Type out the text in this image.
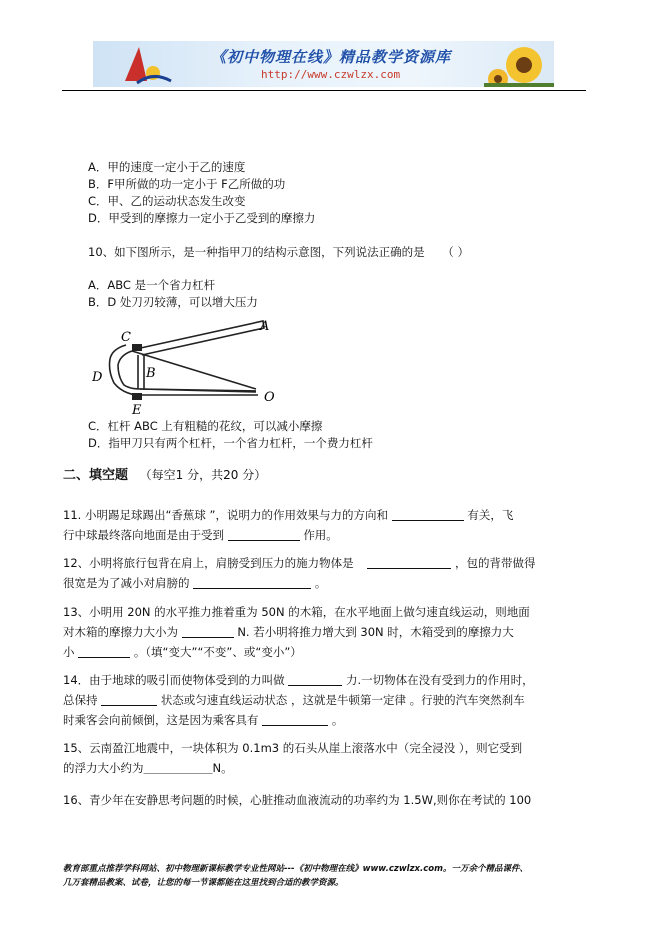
《初中物理在线》精品教学资源库
http://www.czwlzx.com
A．甲的速度一定小于乙的速度
B．F甲所做的功一定小于 F乙所做的功
C．甲、乙的运动状态发生改变
D．甲受到的摩擦力一定小于乙受到的摩擦力
10、如下图所示，是一种指甲刀的结构示意图，下列说法正确的是 （ ）
A．ABC 是一个省力杠杆
B．D 处刀刃较薄，可以增大压力
C
A
B
D
E
O
C．杠杆 ABC 上有粗糙的花纹，可以减小摩擦
D．指甲刀只有两个杠杆，一个省力杠杆，一个费力杠杆
二、填空题 （每空1 分，共20 分）
11. 小明踢足球踢出“香蕉球 ”，说明力的作用效果与力的方向和	有关，飞
行中球最终落向地面是由于受到	作用。
12、小明将旅行包背在肩上，肩膀受到压力的施力物体是	，包的背带做得
很宽是为了减小对肩膀的	。
13、小明用 20N 的水平推力推着重为 50N 的木箱，在水平地面上做匀速直线运动，则地面
对木箱的摩擦力大小为	N. 若小明将推力增大到 30N 时，木箱受到的摩擦力大
小	。（填“变大”“不变”、或“变小”）
14．由于地球的吸引而使物体受到的力叫做	力.一切物体在没有受到力的作用时，
总保持	状态或匀速直线运动状态 ，这就是牛顿第一定律 。行驶的汽车突然刹车
时乘客会向前倾倒，这是因为乘客具有	。
15、云南盈江地震中，一块体积为 0.1m3 的石头从崖上滚落水中（完全浸没 ），则它受到
的浮力大小约为＿＿＿＿＿＿N。
16、青少年在安静思考问题的时候，心脏推动血液流动的功率约为 1.5W,则你在考试的 100
教育部重点推荐学科网站、初中物理新课标教学专业性网站---《初中物理在线》www.czwlzx.com。一万余个精品课件、
几万套精品教案、试卷，让您的每一节课都能在这里找到合适的教学资源。
